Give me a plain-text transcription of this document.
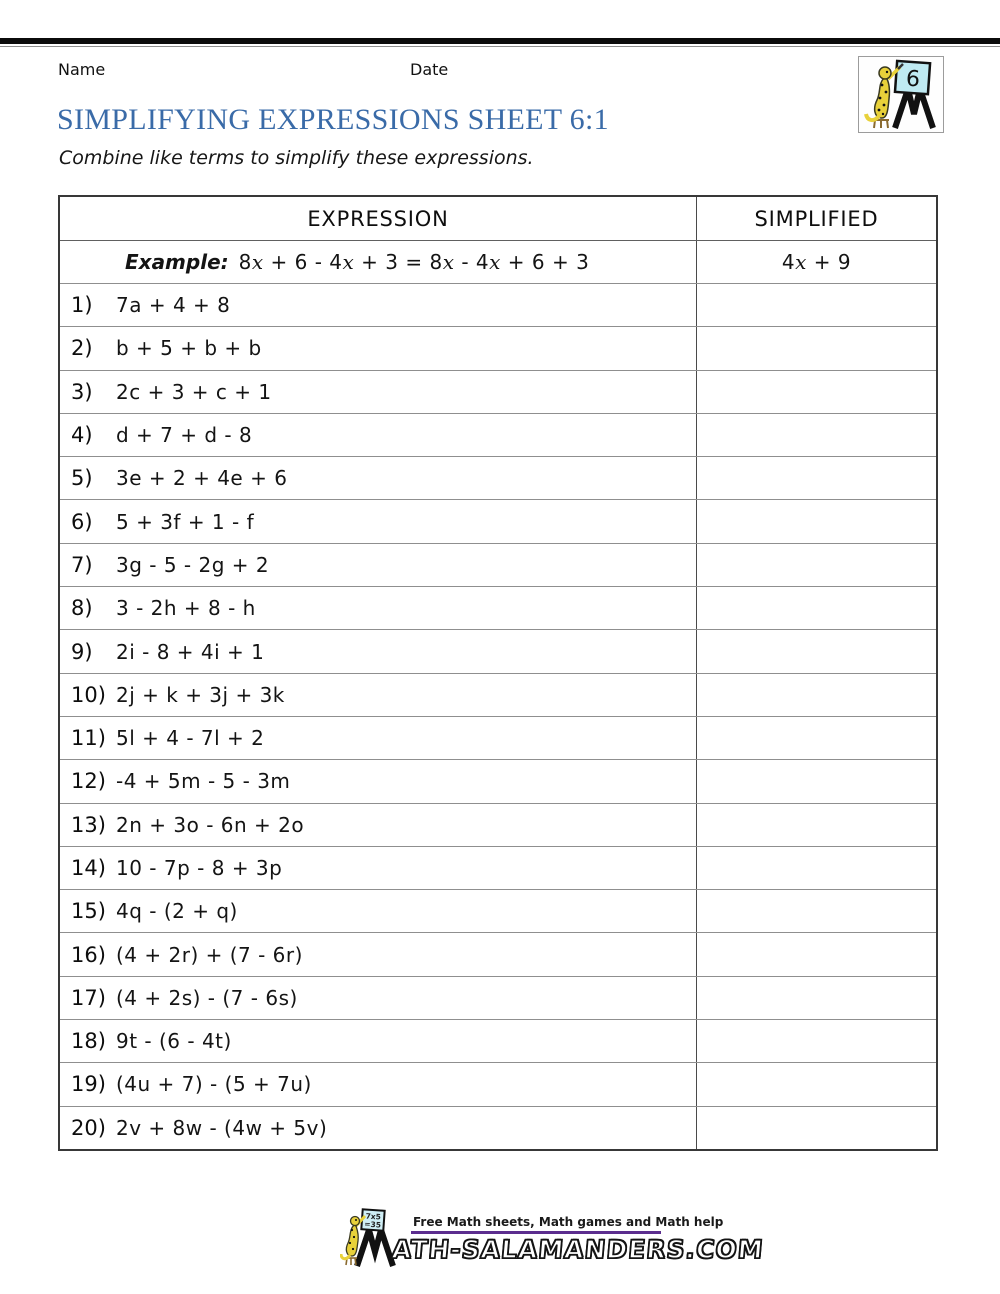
Name	Date	6
SIMPLIFYING EXPRESSIONS SHEET 6:1
Combine like terms to simplify these expressions.
EXPRESSION	SIMPLIFIED
Example: 8x + 6 - 4x + 3 = 8x - 4x + 6 + 3	4x + 9
1)	7a + 4 + 8
2)	b + 5 + b + b
3)	2c + 3 + c + 1
4)	d + 7 + d - 8
5)	3e + 2 + 4e + 6
6)	5 + 3f + 1 - f
7)	3g - 5 - 2g + 2
8)	3 - 2h + 8 - h
9)	2i - 8 + 4i + 1
10) 2j + k + 3j + 3k
11) 5l + 4 - 7l + 2
12) -4 + 5m - 5 - 3m
13) 2n + 3o - 6n + 2o
14) 10 - 7p - 8 + 3p
15) 4q - (2 + q)
16) (4 + 2r) + (7 - 6r)
17) (4 + 2s) - (7 - 6s)
18) 9t - (6 - 4t)
19) (4u + 7) - (5 + 7u)
20) 2v + 8w - (4w + 5v)
7x5
=35	Free Math sheets, Math games and Math help
ATH-SALAMANDERS.COM
